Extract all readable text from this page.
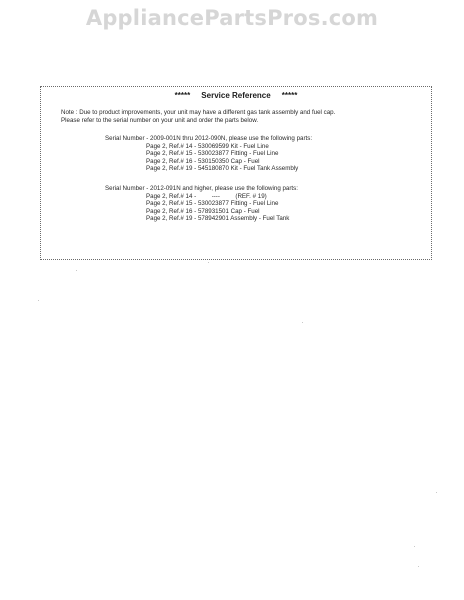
AppliancePartsPros.com
*****     Service Reference     *****
Note : Due to product improvements, your unit may have a different gas tank assembly and fuel cap.
Please refer to the serial number on your unit and order the parts below.
Serial Number - 2009-001N thru 2012-090N, please use the following parts:
Page 2, Ref.# 14 - 530069599 Kit - Fuel Line
Page 2, Ref.# 15 - 530023877 Fitting - Fuel Line
Page 2, Ref.# 16 - 530150350 Cap - Fuel
Page 2, Ref.# 19 - 545180870 Kit - Fuel Tank Assembly
Serial Number - 2012-091N and higher, please use the following parts:
Page 2, Ref.# 14 -         ----         (REF. # 19)
Page 2, Ref.# 15 - 530023877 Fitting - Fuel Line
Page 2, Ref.# 16 - 578931501 Cap - Fuel
Page 2, Ref.# 19 - 578942901 Assembly - Fuel Tank
